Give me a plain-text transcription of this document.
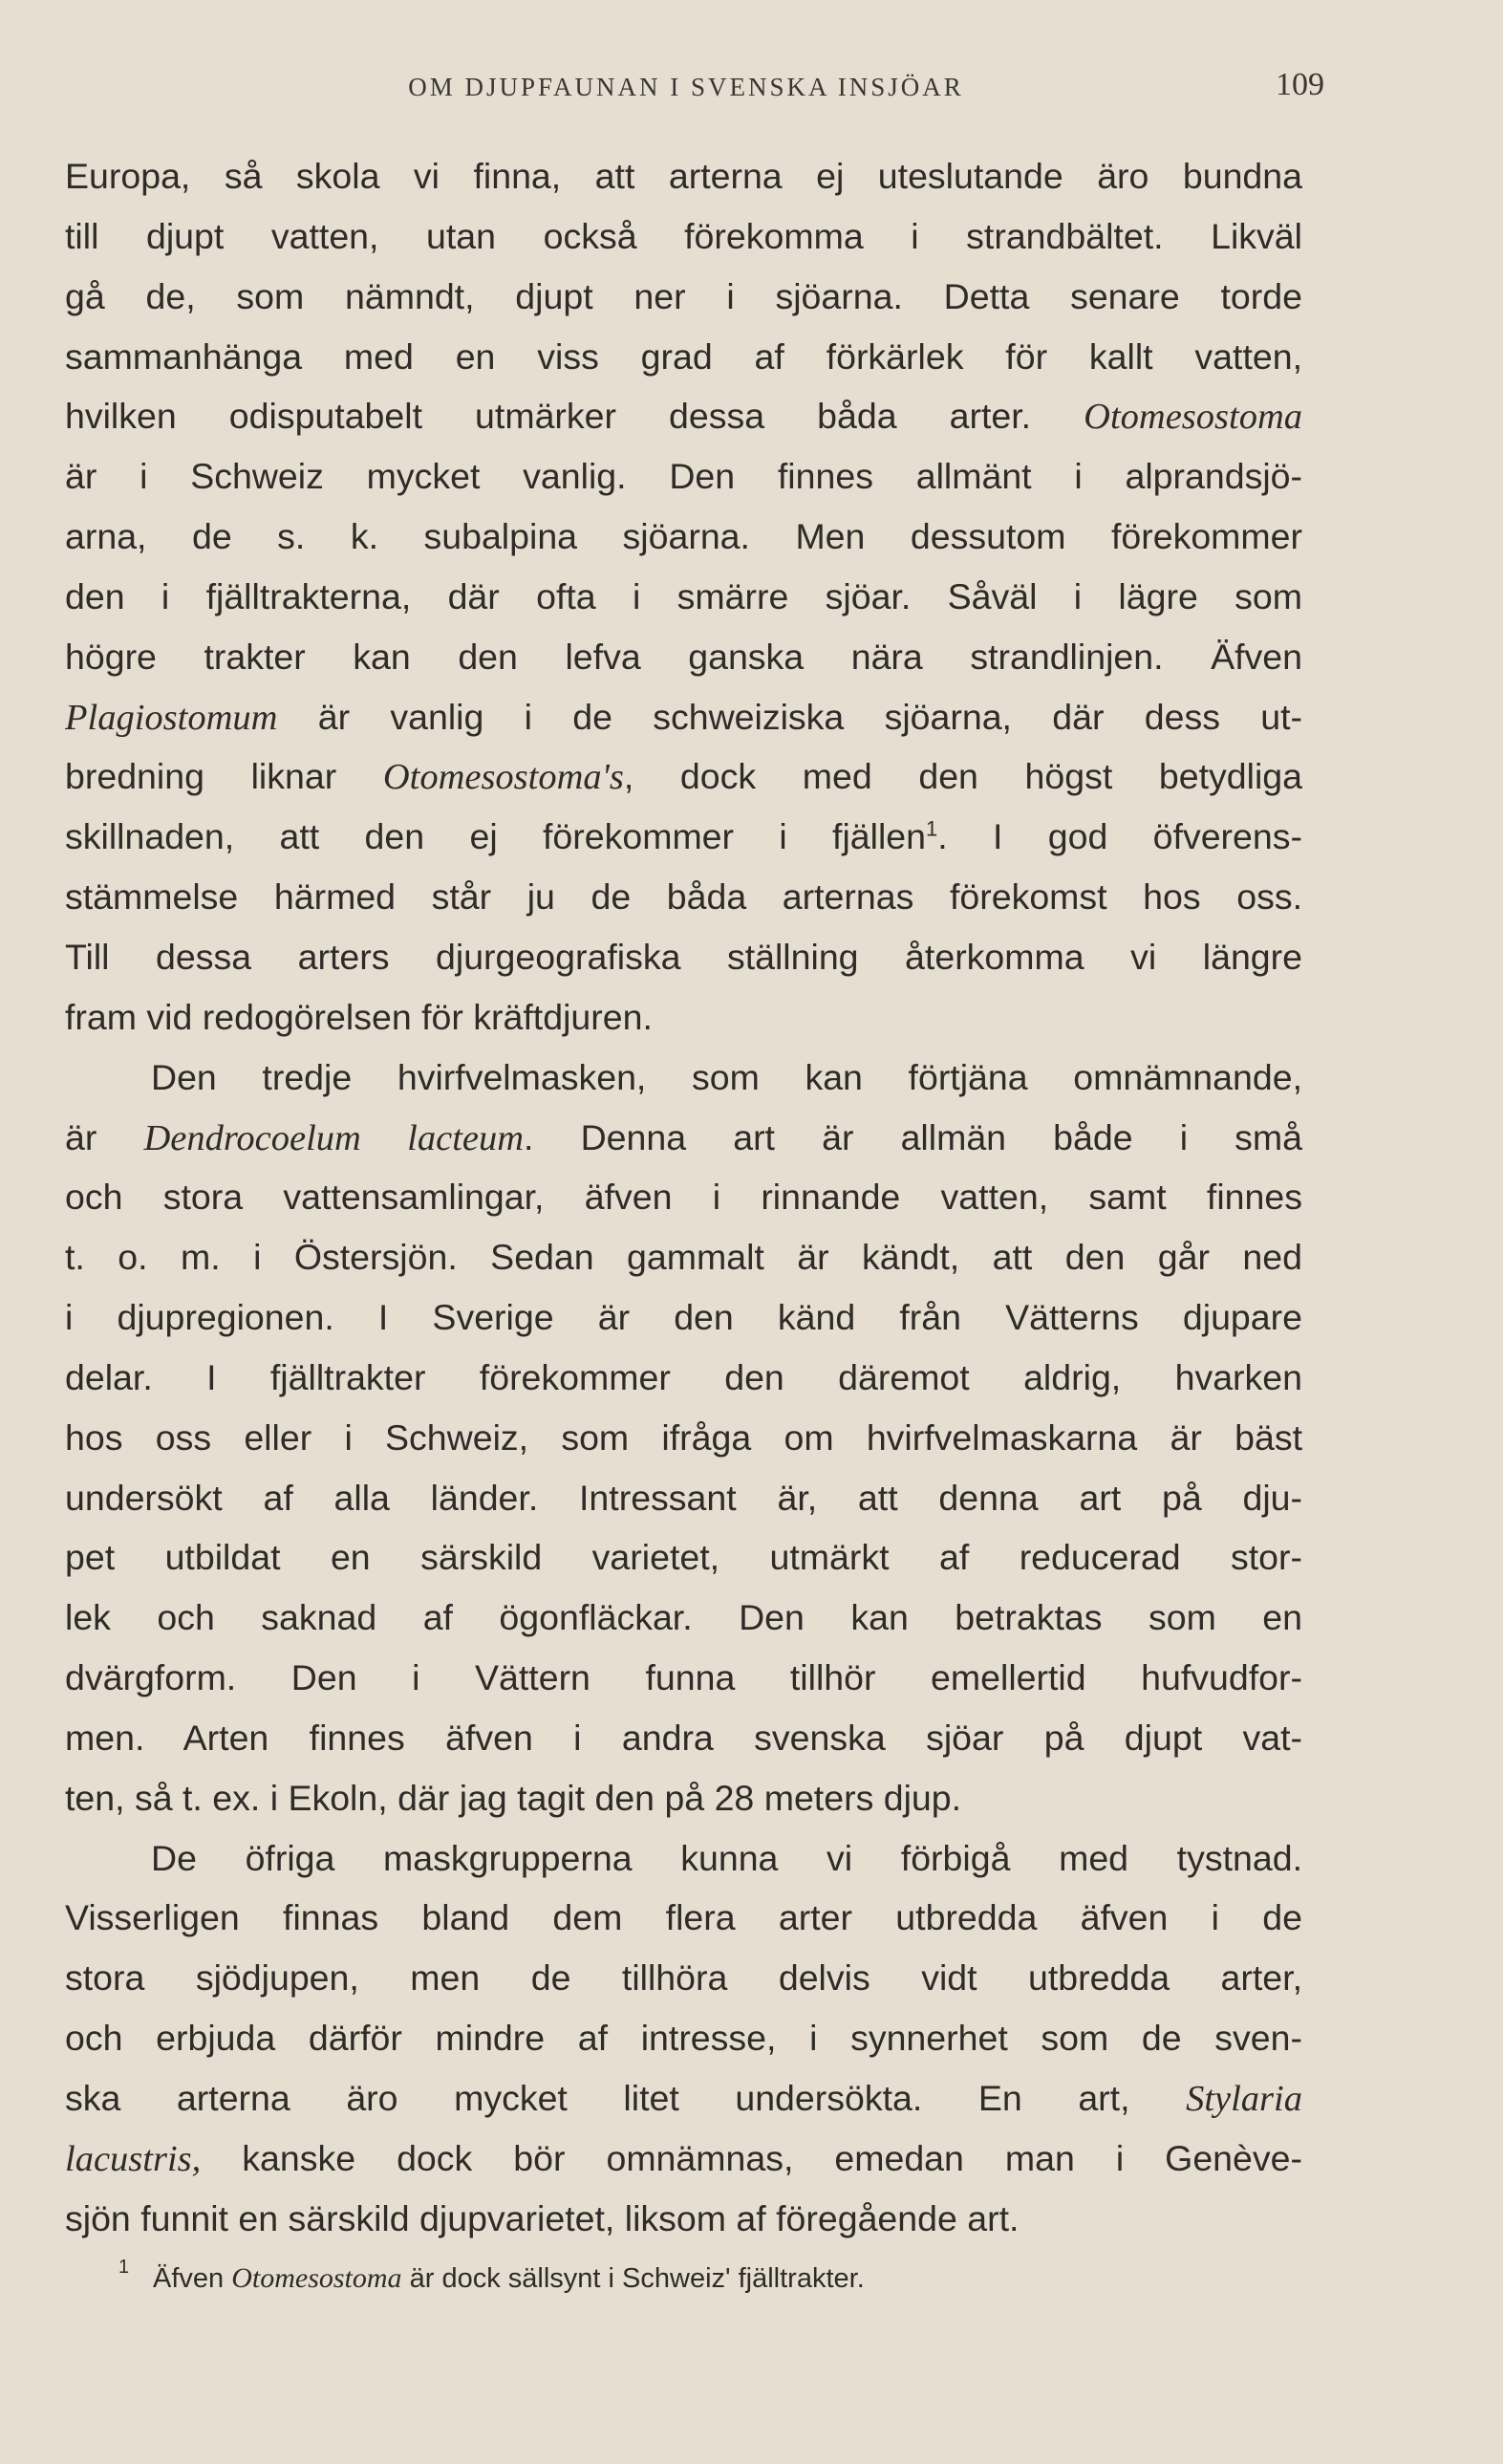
OM DJUPFAUNAN I SVENSKA INSJÖAR	109
Europa, så skola vi finna, att arterna ej uteslutande äro bundna
till djupt vatten, utan också förekomma i strandbältet. Likväl
gå de, som nämndt, djupt ner i sjöarna. Detta senare torde
sammanhänga med en viss grad af förkärlek för kallt vatten,
hvilken odisputabelt utmärker dessa båda arter. Otomesostoma
är i Schweiz mycket vanlig. Den finnes allmänt i alprandsjö-
arna, de s. k. subalpina sjöarna. Men dessutom förekommer
den i fjälltrakterna, där ofta i smärre sjöar. Såväl i lägre som
högre trakter kan den lefva ganska nära strandlinjen. Äfven
Plagiostomum är vanlig i de schweiziska sjöarna, där dess ut-
bredning liknar Otomesostoma's, dock med den högst betydliga
skillnaden, att den ej förekommer i fjällen$^1$. I god öfverens-
stämmelse härmed står ju de båda arternas förekomst hos oss.
Till dessa arters djurgeografiska ställning återkomma vi längre
fram vid redogörelsen för kräftdjuren.
Den tredje hvirfvelmasken, som kan förtjäna omnämnande,
är Dendrocoelum lacteum. Denna art är allmän både i små
och stora vattensamlingar, äfven i rinnande vatten, samt finnes
t. o. m. i Östersjön. Sedan gammalt är kändt, att den går ned
i djupregionen. I Sverige är den känd från Vätterns djupare
delar. I fjälltrakter förekommer den däremot aldrig, hvarken
hos oss eller i Schweiz, som ifråga om hvirfvelmaskarna är bäst
undersökt af alla länder. Intressant är, att denna art på dju-
pet utbildat en särskild varietet, utmärkt af reducerad stor-
lek och saknad af ögonfläckar. Den kan betraktas som en
dvärgform. Den i Vättern funna tillhör emellertid hufvudfor-
men. Arten finnes äfven i andra svenska sjöar på djupt vat-
ten, så t. ex. i Ekoln, där jag tagit den på 28 meters djup.
De öfriga maskgrupperna kunna vi förbigå med tystnad.
Visserligen finnas bland dem flera arter utbredda äfven i de
stora sjödjupen, men de tillhöra delvis vidt utbredda arter,
och erbjuda därför mindre af intresse, i synnerhet som de sven-
ska arterna äro mycket litet undersökta. En art, Stylaria
lacustris, kanske dock bör omnämnas, emedan man i Genève-
sjön funnit en särskild djupvarietet, liksom af föregående art.
1 Äfven Otomesostoma är dock sällsynt i Schweiz' fjälltrakter.
